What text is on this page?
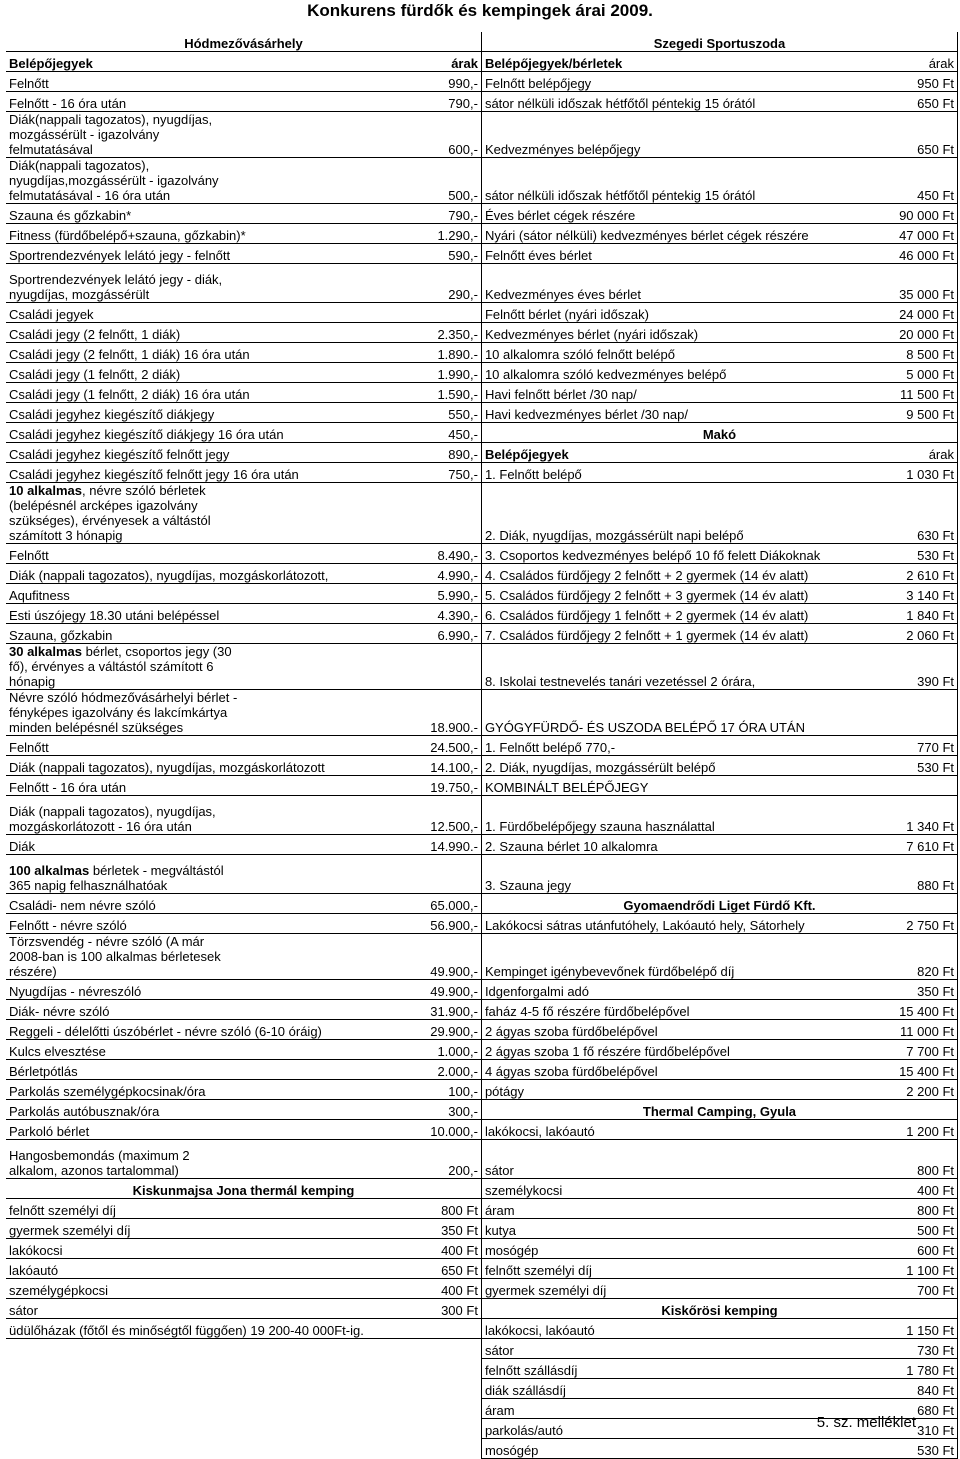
Konkurens fürdők és kempingek árai 2009.
Hódmezővásárhely		Szegedi Sportuszoda	
Belépőjegyek	árak	Belépőjegyek/bérletek	árak
Felnőtt	990,-	Felnőtt belépőjegy	950 Ft
Felnőtt - 16 óra után	790,-	sátor nélküli időszak hétfőtől péntekig 15 órától	650 Ft
Diák(nappali tagozatos), nyugdíjas, mozgássérült - igazolvány felmutatásával	600,-	Kedvezményes belépőjegy	650 Ft
Diák(nappali tagozatos), nyugdíjas,mozgássérült - igazolvány felmutatásával - 16 óra után	500,-	sátor nélküli időszak hétfőtől péntekig 15 órától	450 Ft
Szauna és gőzkabin*	790,-	Éves bérlet cégek részére	90 000 Ft
Fitness (fürdőbelépő+szauna, gőzkabin)*	1.290,-	Nyári (sátor nélküli) kedvezményes bérlet cégek részére	47 000 Ft
Sportrendezvények lelátó jegy - felnőtt	590,-	Felnőtt éves bérlet	46 000 Ft
Sportrendezvények lelátó jegy - diák, nyugdíjas, mozgássérült	290,-	Kedvezményes éves bérlet	35 000 Ft
Családi jegyek		Felnőtt bérlet (nyári időszak)	24 000 Ft
Családi jegy (2 felnőtt, 1 diák)	2.350,-	Kedvezményes bérlet (nyári időszak)	20 000 Ft
Családi jegy (2 felnőtt, 1 diák) 16 óra után	1.890.-	10 alkalomra szóló felnőtt belépő	8 500 Ft
Családi jegy (1 felnőtt, 2 diák)	1.990,-	10 alkalomra szóló kedvezményes belépő	5 000 Ft
Családi jegy (1 felnőtt, 2 diák) 16 óra után	1.590,-	Havi felnőtt bérlet /30 nap/	11 500 Ft
Családi jegyhez kiegészítő diákjegy	550,-	Havi kedvezményes bérlet /30 nap/	9 500 Ft
Családi jegyhez kiegészítő diákjegy 16 óra után	450,-	Makó	
Családi jegyhez kiegészítő felnőtt jegy	890,-	Belépőjegyek	árak
Családi jegyhez kiegészítő felnőtt jegy 16 óra után	750,-	1. Felnőtt belépő	1 030 Ft
10 alkalmas, névre szóló bérletek (belépésnél arcképes igazolvány szükséges), érvényesek a váltástól számított 3 hónapig		2. Diák, nyugdíjas, mozgássérült napi belépő	630 Ft
Felnőtt	8.490,-	3. Csoportos kedvezményes belépő 10 fő felett Diákoknak	530 Ft
Diák (nappali tagozatos), nyugdíjas, mozgáskorlátozott,	4.990,-	4. Családos fürdőjegy 2 felnőtt + 2 gyermek (14 év alatt)	2 610 Ft
Aqufitness	5.990,-	5. Családos fürdőjegy 2 felnőtt + 3 gyermek (14 év alatt)	3 140 Ft
Esti úszójegy 18.30 utáni belépéssel	4.390,-	6. Családos fürdőjegy 1 felnőtt + 2 gyermek (14 év alatt)	1 840 Ft
Szauna, gőzkabin	6.990,-	7. Családos fürdőjegy 2 felnőtt + 1 gyermek (14 év alatt)	2 060 Ft
30 alkalmas bérlet, csoportos jegy (30 fő), érvényes a váltástól számított 6 hónapig		8. Iskolai testnevelés tanári vezetéssel 2 órára,	390 Ft
Névre szóló hódmezővásárhelyi bérlet - fényképes igazolvány és lakcímkártya minden belépésnél szükséges	18.900.-	GYÓGYFÜRDŐ- ÉS USZODA BELÉPŐ 17 ÓRA UTÁN	
Felnőtt	24.500,-	1. Felnőtt belépő 770,-	770 Ft
Diák (nappali tagozatos), nyugdíjas, mozgáskorlátozott	14.100,-	2. Diák, nyugdíjas, mozgássérült belépő	530 Ft
Felnőtt - 16 óra után	19.750,-	KOMBINÁLT BELÉPŐJEGY	
Diák (nappali tagozatos), nyugdíjas, mozgáskorlátozott - 16 óra után	12.500,-	1. Fürdőbelépőjegy szauna használattal	1 340 Ft
Diák	14.990.-	2. Szauna bérlet 10 alkalomra	7 610 Ft
100 alkalmas bérletek - megváltástól 365 napig felhasználhatóak		3. Szauna jegy	880 Ft
Családi- nem névre szóló	65.000,-	Gyomaendrődi Liget Fürdő Kft.	
Felnőtt - névre szóló	56.900,-	Lakókocsi sátras utánfutóhely, Lakóautó hely, Sátorhely	2 750 Ft
Törzsvendég - névre szóló (A már 2008-ban is 100 alkalmas bérletesek részére)	49.900,-	Kempinget igénybevevőnek fürdőbelépő díj	820 Ft
Nyugdíjas - névreszóló	49.900,-	Idgenforgalmi adó	350 Ft
Diák- névre szóló	31.900,-	faház 4-5 fő részére fürdőbelépővel	15 400 Ft
Reggeli - délelőtti úszóbérlet - névre szóló (6-10 óráig)	29.900,-	2 ágyas szoba fürdőbelépővel	11 000 Ft
Kulcs elvesztése	1.000,-	2 ágyas szoba 1 fő részére fürdőbelépővel	7 700 Ft
Bérletpótlás	2.000,-	4 ágyas szoba fürdőbelépővel	15 400 Ft
Parkolás személygépkocsinak/óra	100,-	pótágy	2 200 Ft
Parkolás autóbusznak/óra	300,-	Thermal Camping, Gyula	
Parkoló bérlet	10.000,-	lakókocsi, lakóautó	1 200 Ft
Hangosbemondás (maximum 2 alkalom, azonos tartalommal)	200,-	sátor	800 Ft
Kiskunmajsa Jona thermál kemping		személykocsi	400 Ft
felnőtt személyi díj	800 Ft	áram	800 Ft
gyermek személyi díj	350 Ft	kutya	500 Ft
lakókocsi	400 Ft	mosógép	600 Ft
lakóautó	650 Ft	felnőtt személyi díj	1 100 Ft
személygépkocsi	400 Ft	gyermek személyi díj	700 Ft
sátor	300 Ft	Kiskőrösi kemping	
üdülőházak (főtől és minőségtől függően) 19 200-40 000Ft-ig.		lakókocsi, lakóautó	1 150 Ft
		sátor	730 Ft
		felnőtt szállásdíj	1 780 Ft
		diák szállásdíj	840 Ft
		áram	680 Ft
		parkolás/autó	310 Ft
		mosógép	530 Ft
5. sz. melléklet
